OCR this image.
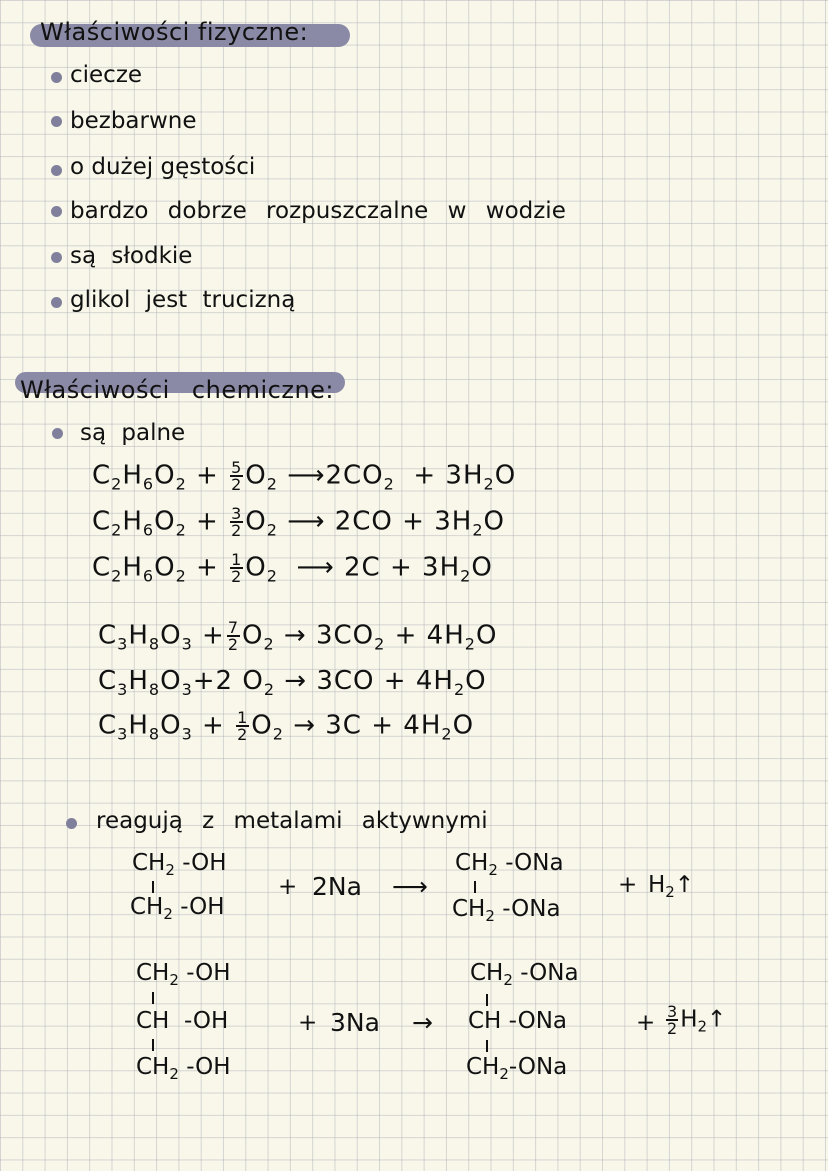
Właściwości fizyczne:
ciecze
bezbarwne
o dużej gęstości
bardzo dobrze rozpuszczalne w wodzie
są słodkie
glikol jest trucizną
Właściwości chemiczne:
są palne
$C_2H_6O_2 + \frac{5}{2} O_2$ $⟶2CO_2 + 3H_2O$
$C_2H_6O_2 + \frac{3}{2} O_2$ ⟶ $2CO + 3H_2O$
$C_2H_6O_2 + \frac{1}{2} O_2$ ⟶ $2C + 3H_2O$
$C_3H_8O_3 + \frac{7}{2} O_2 \to 3CO_2 + 4H_2O$
$C_3H_8O_3+2$ $O_2 \to 3CO + 4H_2O$
$C_3H_8O_3 + \frac{1}{2} O_2 \to 3C + 4H_2O$
reagują z metalami aktywnymi
$CH_2$ -OH
$CH_2$ -OH
+ 2Na ⟶
$CH_2$ -ONa
$CH_2$ -ONa
+ $H_2↑$
$CH_2$ -OH
CH -OH
$CH_2$ -OH
+ 3Na →
$CH_2$ -ONa
CH -ONa
$CH_2$-ONa
+ $\frac{3}{2}$ $H_2↑$
